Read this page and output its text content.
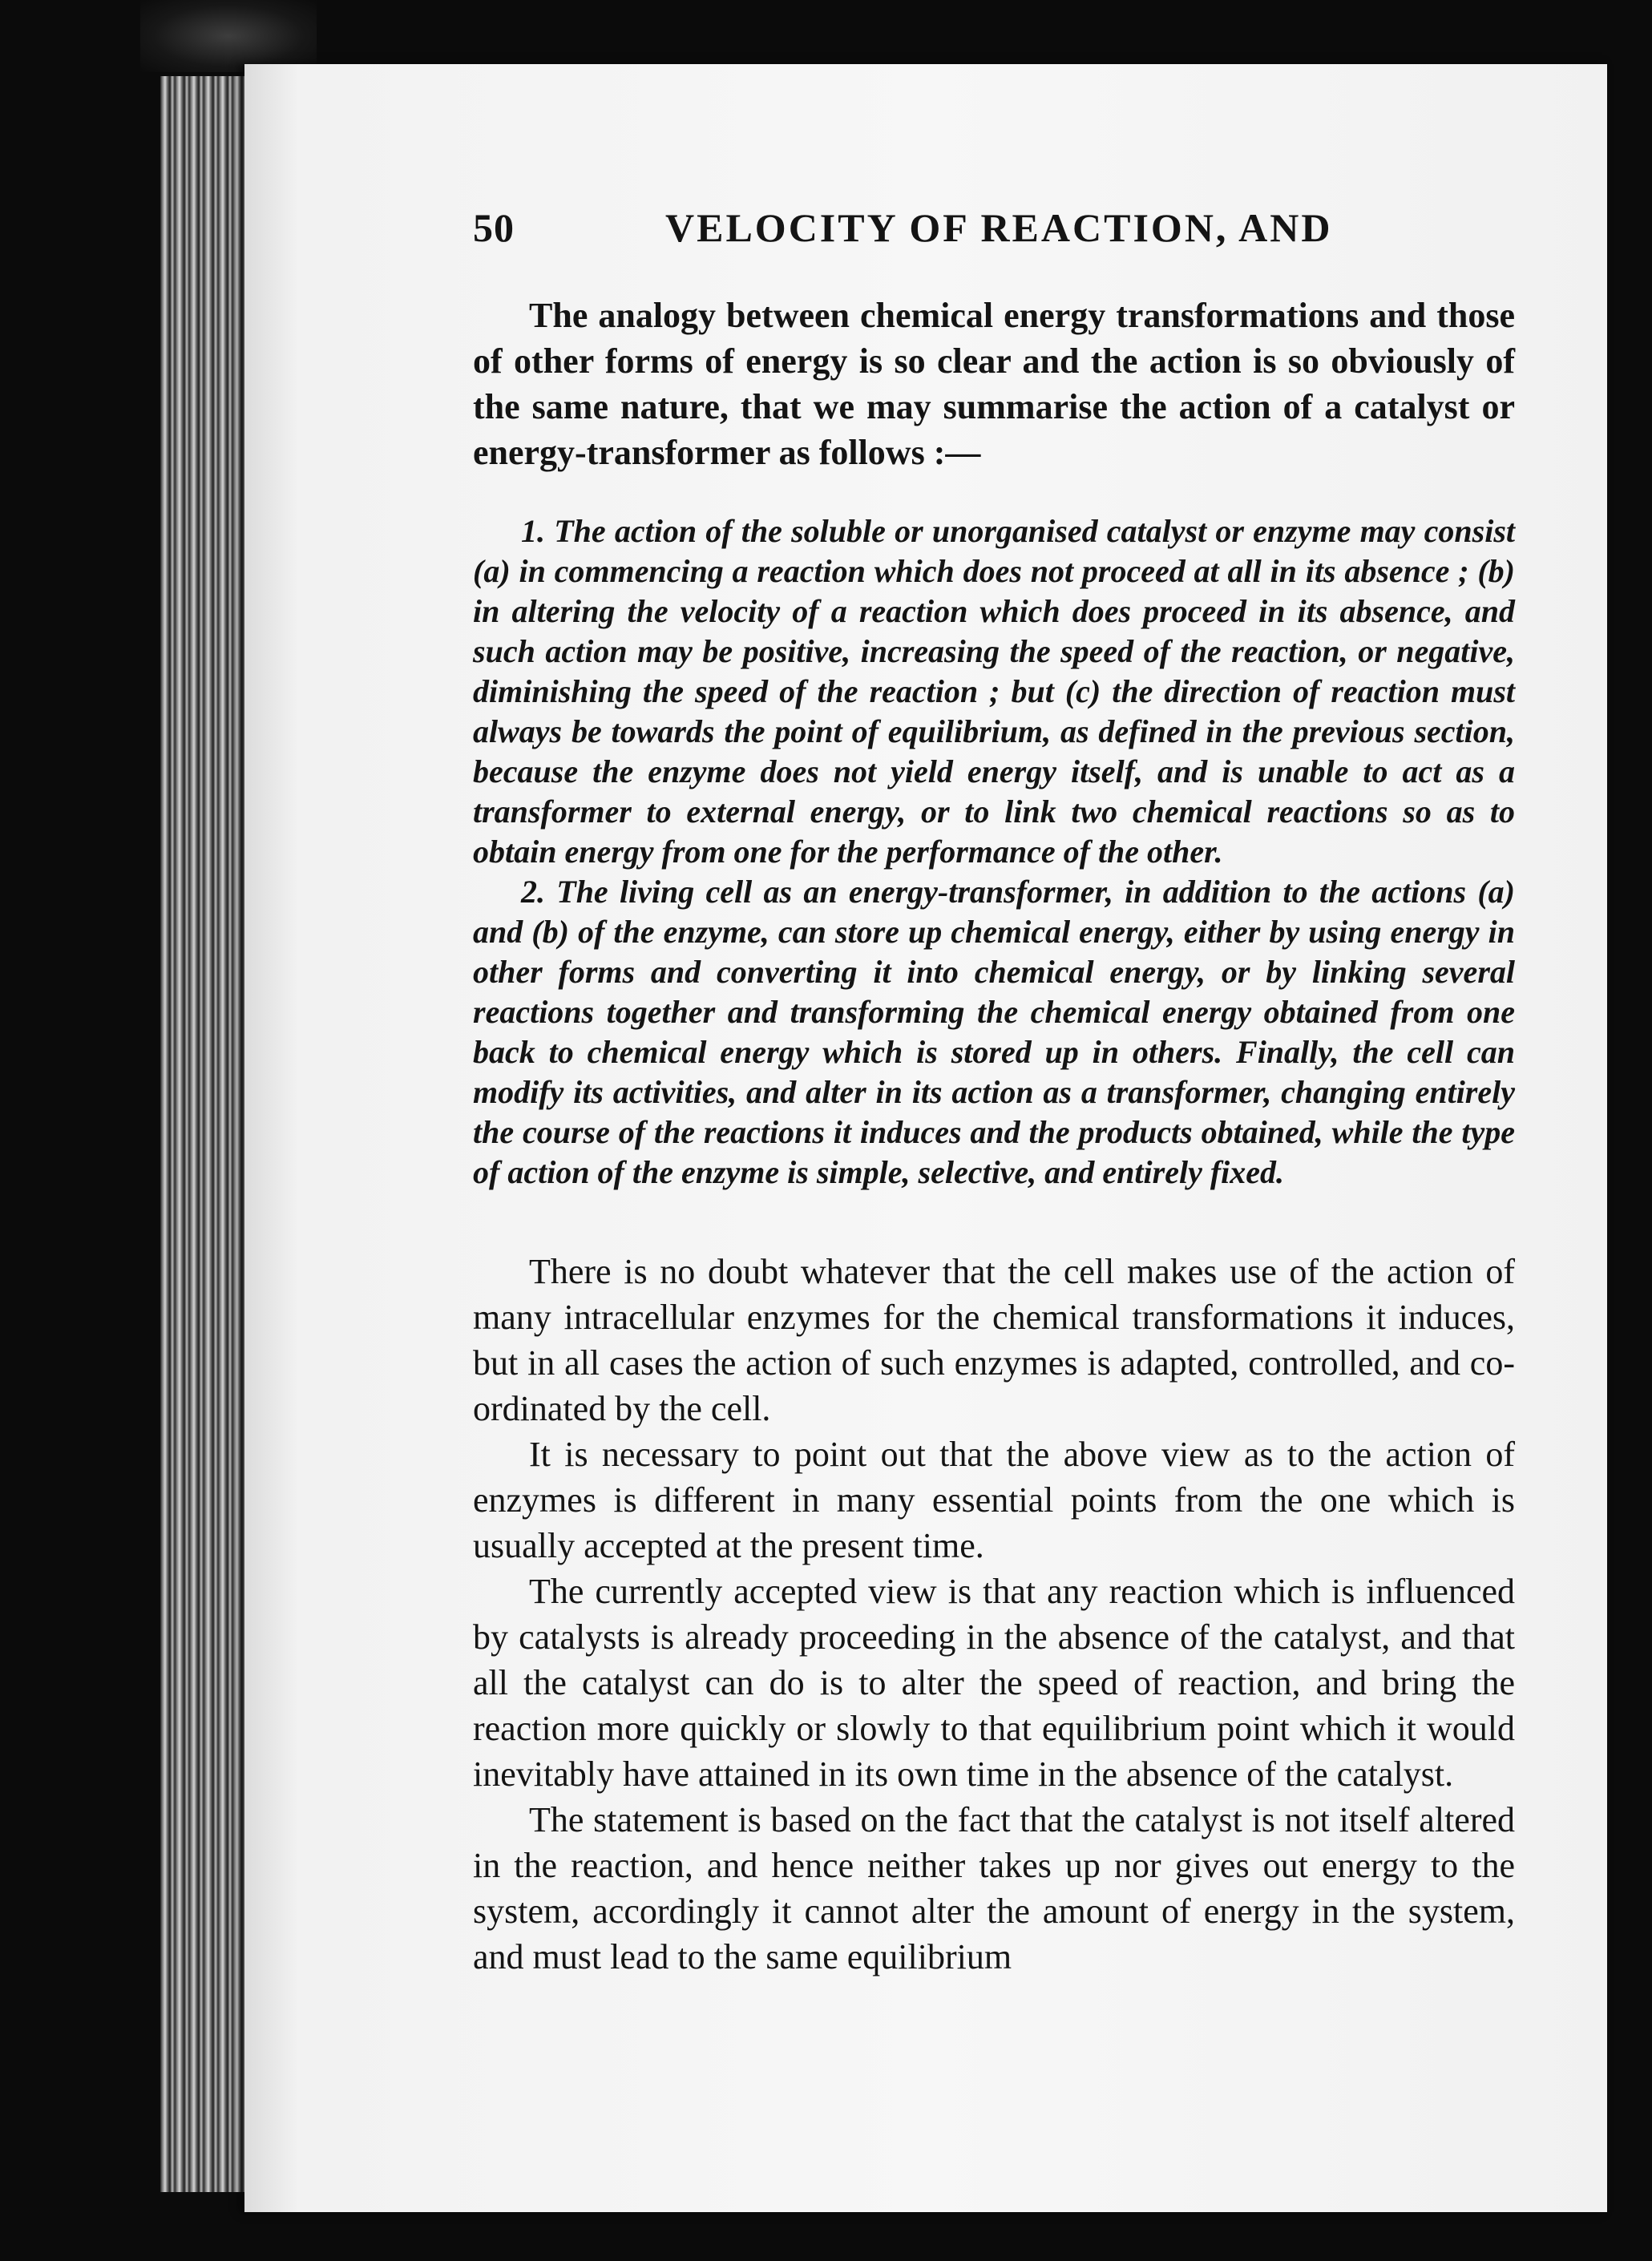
50	VELOCITY OF REACTION, AND

The analogy between chemical energy transformations and those of other forms of energy is so clear and the action is so obviously of the same nature, that we may summarise the action of a catalyst or energy-transformer as follows :—

1. The action of the soluble or unorganised catalyst or enzyme may consist (a) in commencing a reaction which does not proceed at all in its absence ; (b) in altering the velocity of a reaction which does proceed in its absence, and such action may be positive, increasing the speed of the reaction, or negative, diminishing the speed of the reaction ; but (c) the direction of reaction must always be towards the point of equilibrium, as defined in the previous section, because the enzyme does not yield energy itself, and is unable to act as a transformer to external energy, or to link two chemical reactions so as to obtain energy from one for the performance of the other.

2. The living cell as an energy-transformer, in addition to the actions (a) and (b) of the enzyme, can store up chemical energy, either by using energy in other forms and converting it into chemical energy, or by linking several reactions together and transforming the chemical energy obtained from one back to chemical energy which is stored up in others. Finally, the cell can modify its activities, and alter in its action as a transformer, changing entirely the course of the reactions it induces and the products obtained, while the type of action of the enzyme is simple, selective, and entirely fixed.

There is no doubt whatever that the cell makes use of the action of many intracellular enzymes for the chemical transformations it induces, but in all cases the action of such enzymes is adapted, controlled, and co-ordinated by the cell.

It is necessary to point out that the above view as to the action of enzymes is different in many essential points from the one which is usually accepted at the present time.

The currently accepted view is that any reaction which is influenced by catalysts is already proceeding in the absence of the catalyst, and that all the catalyst can do is to alter the speed of reaction, and bring the reaction more quickly or slowly to that equilibrium point which it would inevitably have attained in its own time in the absence of the catalyst.

The statement is based on the fact that the catalyst is not itself altered in the reaction, and hence neither takes up nor gives out energy to the system, accordingly it cannot alter the amount of energy in the system, and must lead to the same equilibrium
